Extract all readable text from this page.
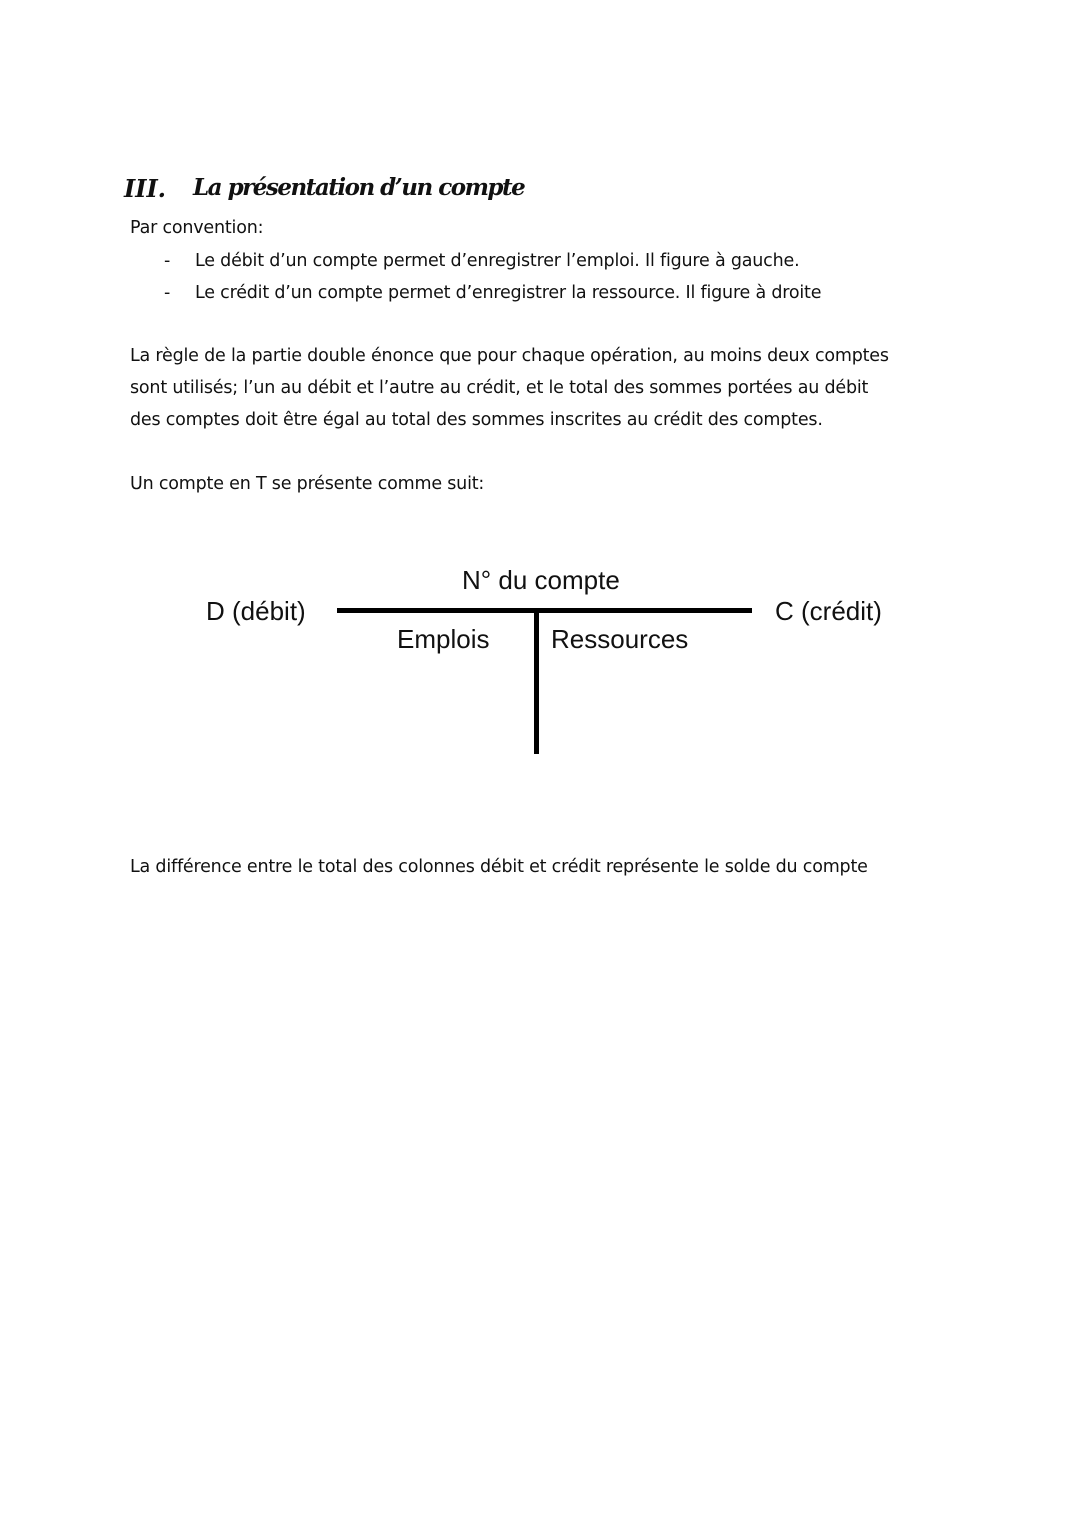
III. La présentation d’un compte
Par convention:
- Le débit d’un compte permet d’enregistrer l’emploi. Il figure à gauche.
- Le crédit d’un compte permet d’enregistrer la ressource. Il figure à droite
La règle de la partie double énonce que pour chaque opération, au moins deux comptes
sont utilisés; l’un au débit et l’autre au crédit, et le total des sommes portées au débit
des comptes doit être égal au total des sommes inscrites au crédit des comptes.
Un compte en T se présente comme suit:
N° du compte
D (débit)	C (crédit)
Emplois Ressources
La différence entre le total des colonnes débit et crédit représente le solde du compte
